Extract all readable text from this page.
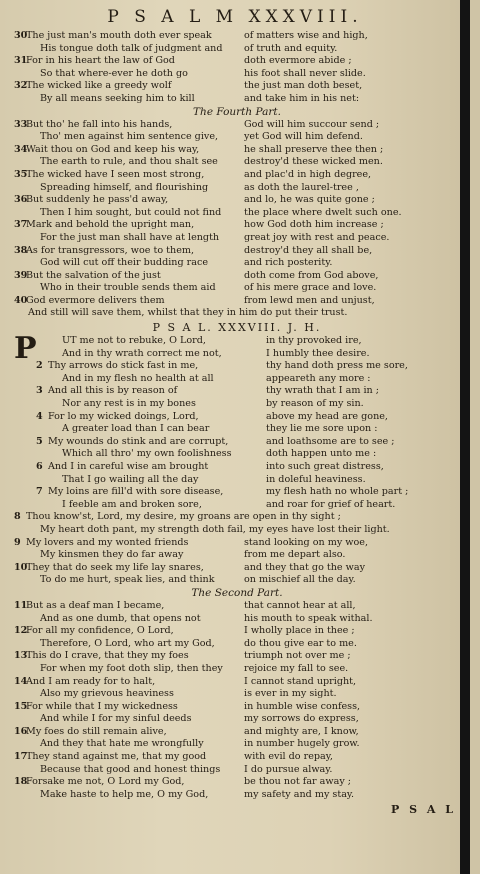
P S A L M XXXVIII.
30The just man's mouth doth ever speak	of matters wise and high,
His tongue doth talk of judgment and	of truth and equity.
31For in his heart the law of God	doth evermore abide ;
So that where-ever he doth go	his foot shall never slide.
32The wicked like a greedy wolf	the just man doth beset,
By all means seeking him to kill	and take him in his net:
The Fourth Part.
33But tho' he fall into his hands,	God will him succour send ;
Tho' men against him sentence give,	yet God will him defend.
34Wait thou on God and keep his way,	he shall preserve thee then ;
The earth to rule, and thou shalt see	destroy'd these wicked men.
35The wicked have I seen most strong,	and plac'd in high degree,
Spreading himself, and flourishing	as doth the laurel-tree ,
36But suddenly he pass'd away,	and lo, he was quite gone ;
Then I him sought, but could not find	the place where dwelt such one.
37Mark and behold the upright man,	how God doth him increase ;
For the just man shall have at length	great joy with rest and peace.
38As for transgressors, woe to them,	destroy'd they all shall be,
God will cut off their budding race	and rich posterity.
39But the salvation of the just	doth come from God above,
Who in their trouble sends them aid	of his mere grace and love.
40God evermore delivers them	from lewd men and unjust,
And still will save them, whilst that they in him do put their trust.
P S A L. XXXVIII. J. H.
P	UT me not to rebuke, O Lord,	in thy provoked ire,
And in thy wrath correct me not,	I humbly thee desire.
2 Thy arrows do stick fast in me,	thy hand doth press me sore,
And in my flesh no health at all	appeareth any more :
3 And all this is by reason of	thy wrath that I am in ;
Nor any rest is in my bones	by reason of my sin.
4 For lo my wicked doings, Lord,	above my head are gone,
A greater load than I can bear	they lie me sore upon :
5 My wounds do stink and are corrupt,	and loathsome are to see ;
Which all thro' my own foolishness	doth happen unto me :
6 And I in careful wise am brought	into such great distress,
That I go wailing all the day	in doleful heaviness.
7 My loins are fill'd with sore disease,	my flesh hath no whole part ;
I feeble am and broken sore,	and roar for grief of heart.
8 Thou know'st, Lord, my desire, my groans are open in thy sight ;
My heart doth pant, my strength doth fail, my eyes have lost their light.
9 My lovers and my wonted friends	stand looking on my woe,
My kinsmen they do far away	from me depart also.
10They that do seek my life lay snares,	and they that go the way
To do me hurt, speak lies, and think	on mischief all the day.
The Second Part.
11But as a deaf man I became,	that cannot hear at all,
And as one dumb, that opens not	his mouth to speak withal.
12For all my confidence, O Lord,	I wholly place in thee ;
Therefore, O Lord, who art my God,	do thou give ear to me.
13This do I crave, that they my foes	triumph not over me ;
For when my foot doth slip, then they	rejoice my fall to see.
14And I am ready for to halt,	I cannot stand upright,
Also my grievous heaviness	is ever in my sight.
15For while that I my wickedness	in humble wise confess,
And while I for my sinful deeds	my sorrows do express,
16My foes do still remain alive,	and mighty are, I know,
And they that hate me wrongfully	in number hugely grow.
17They stand against me, that my good	with evil do repay,
Because that good and honest things	I do pursue alway.
18Forsake me not, O Lord my God,	be thou not far away ;
Make haste to help me, O my God,	my safety and my stay.
P S A L
